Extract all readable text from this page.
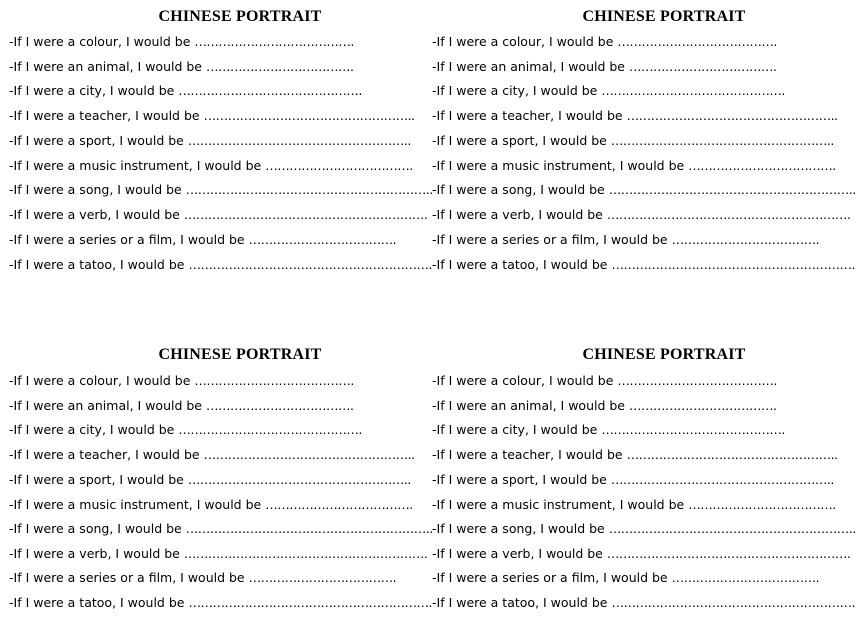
CHINESE PORTRAIT	CHINESE PORTRAIT
CHINESE PORTRAIT	CHINESE PORTRAIT
-If I were a colour, I would be ………………………………….
-If I were an animal, I would be ……………………………….
-If I were a city, I would be ……………………………………….
-If I were a teacher, I would be ……………………………………………..
-If I were a sport, I would be ………………………………………………..
-If I were a music instrument, I would be ……………………………….
-If I were a song, I would be ……………………………………………………..
-If I were a verb, I would be …………………………………………………….
-If I were a series or a film, I would be ……………………………….
-If I were a tatoo, I would be …………………………………………………….
-If I were a colour, I would be ………………………………….
-If I were an animal, I would be ……………………………….
-If I were a city, I would be ……………………………………….
-If I were a teacher, I would be ……………………………………………..
-If I were a sport, I would be ………………………………………………..
-If I were a music instrument, I would be ……………………………….
-If I were a song, I would be ……………………………………………………..
-If I were a verb, I would be …………………………………………………….
-If I were a series or a film, I would be ……………………………….
-If I were a tatoo, I would be …………………………………………………….
-If I were a colour, I would be ………………………………….
-If I were an animal, I would be ……………………………….
-If I were a city, I would be ……………………………………….
-If I were a teacher, I would be ……………………………………………..
-If I were a sport, I would be ………………………………………………..
-If I were a music instrument, I would be ……………………………….
-If I were a song, I would be ……………………………………………………..
-If I were a verb, I would be …………………………………………………….
-If I were a series or a film, I would be ……………………………….
-If I were a tatoo, I would be …………………………………………………….
-If I were a colour, I would be ………………………………….
-If I were an animal, I would be ……………………………….
-If I were a city, I would be ……………………………………….
-If I were a teacher, I would be ……………………………………………..
-If I were a sport, I would be ………………………………………………..
-If I were a music instrument, I would be ……………………………….
-If I were a song, I would be ……………………………………………………..
-If I were a verb, I would be …………………………………………………….
-If I were a series or a film, I would be ……………………………….
-If I were a tatoo, I would be …………………………………………………….
